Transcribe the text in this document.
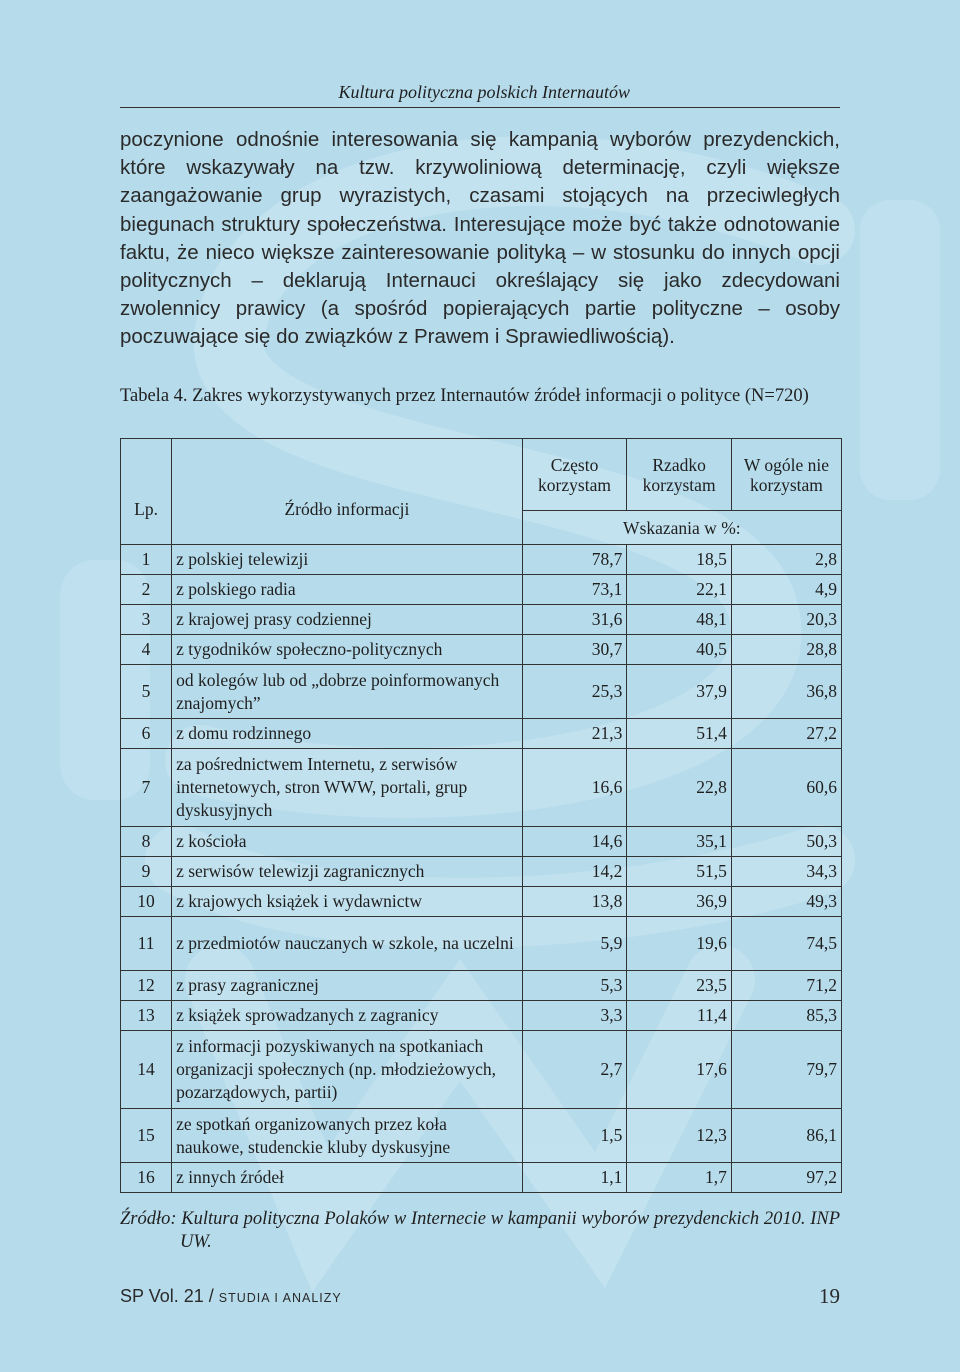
Kultura polityczna polskich Internautów
poczynione odnośnie interesowania się kampanią wyborów prezydenckich, które wskazywały na tzw. krzywoliniową determinację, czyli większe zaangażowanie grup wyrazistych, czasami stojących na przeciwległych biegunach struktury społeczeństwa. Interesujące może być także odnotowanie faktu, że nieco większe zainteresowanie polityką – w stosunku do innych opcji politycznych – deklarują Internauci określający się jako zdecydowani zwolennicy prawicy (a spośród popierających partie polityczne – osoby poczuwające się do związków z Prawem i Sprawiedliwością).
Tabela 4. Zakres wykorzystywanych przez Internautów źródeł informacji o polityce (N=720)
Lp.	Źródło informacji	Często korzystam	Rzadko korzystam	W ogóle nie korzystam
		Wskazania w %:		
1	z polskiej telewizji	78,7	18,5	2,8
2	z polskiego radia	73,1	22,1	4,9
3	z krajowej prasy codziennej	31,6	48,1	20,3
4	z tygodników społeczno-politycznych	30,7	40,5	28,8
5	od kolegów lub od „dobrze poinformowanych znajomych”	25,3	37,9	36,8
6	z domu rodzinnego	21,3	51,4	27,2
7	za pośrednictwem Internetu, z serwisów internetowych, stron WWW, portali, grup dyskusyjnych	16,6	22,8	60,6
8	z kościoła	14,6	35,1	50,3
9	z serwisów telewizji zagranicznych	14,2	51,5	34,3
10	z krajowych książek i wydawnictw	13,8	36,9	49,3
11	z przedmiotów nauczanych w szkole, na uczelni	5,9	19,6	74,5
12	z prasy zagranicznej	5,3	23,5	71,2
13	z książek sprowadzanych z zagranicy	3,3	11,4	85,3
14	z informacji pozyskiwanych na spotkaniach organizacji społecznych (np. młodzieżowych, pozarządowych, partii)	2,7	17,6	79,7
15	ze spotkań organizowanych przez koła naukowe, studenckie kluby dyskusyjne	1,5	12,3	86,1
16	z innych źródeł	1,1	1,7	97,2
Źródło: Kultura polityczna Polaków w Internecie w kampanii wyborów prezydenckich 2010. INP UW.
SP Vol. 21 / STUDIA I ANALIZY	19
